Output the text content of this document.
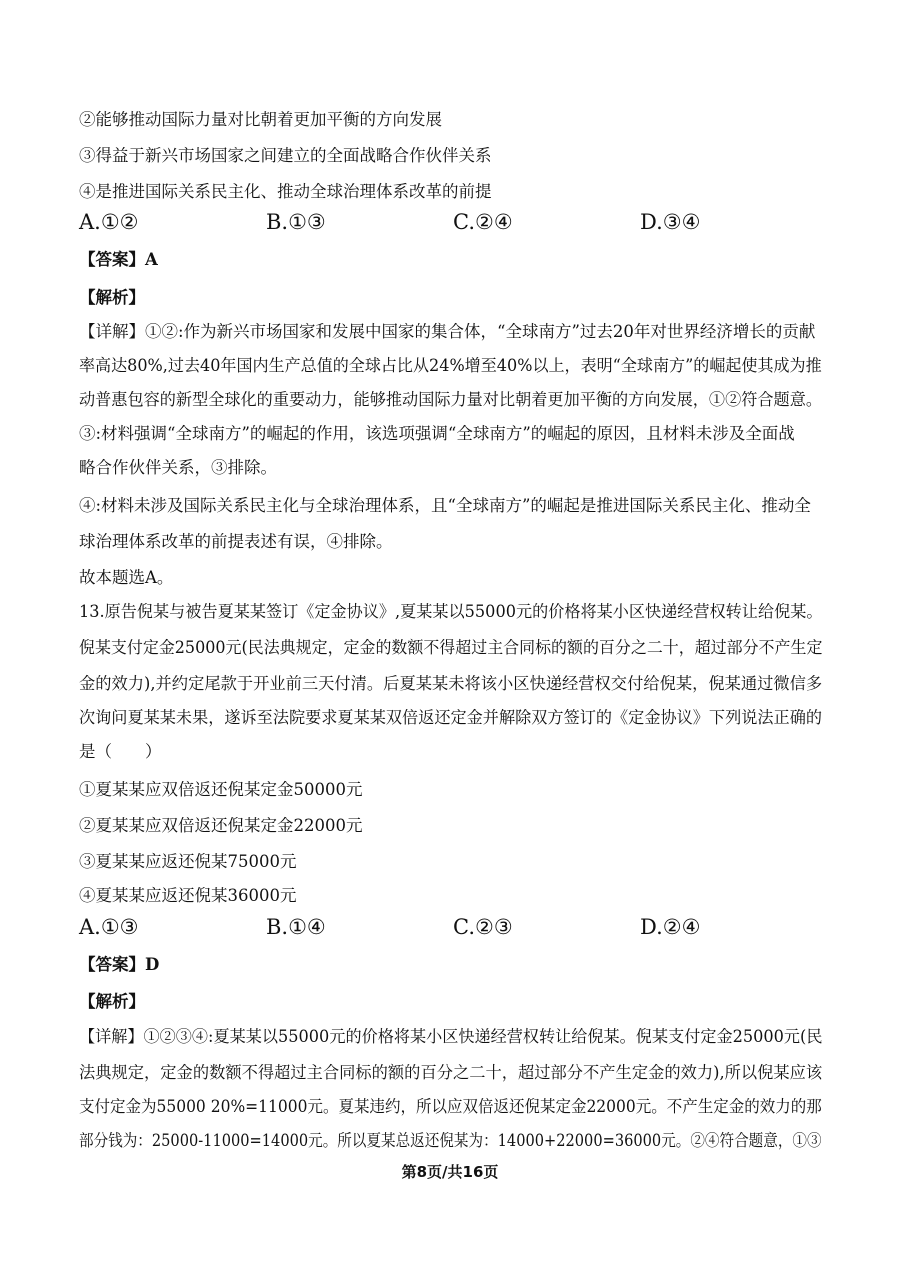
②能够推动国际力量对比朝着更加平衡的方向发展
③得益于新兴市场国家之间建立的全面战略合作伙伴关系
④是推进国际关系民主化、推动全球治理体系改革的前提
A.①②	B.①③	C.②④	D.③④
【答案】A
【解析】
【详解】①②:作为新兴市场国家和发展中国家的集合体，“全球南方”过去20年对世界经济增长的贡献
率高达80%,过去40年国内生产总值的全球占比从24%增至40%以上，表明“全球南方”的崛起使其成为推
动普惠包容的新型全球化的重要动力，能够推动国际力量对比朝着更加平衡的方向发展，①②符合题意。
③:材料强调“全球南方”的崛起的作用，该选项强调“全球南方”的崛起的原因，且材料未涉及全面战
略合作伙伴关系，③排除。
④:材料未涉及国际关系民主化与全球治理体系，且“全球南方”的崛起是推进国际关系民主化、推动全
球治理体系改革的前提表述有误，④排除。
故本题选A。
13.原告倪某与被告夏某某签订《定金协议》,夏某某以55000元的价格将某小区快递经营权转让给倪某。
倪某支付定金25000元(民法典规定，定金的数额不得超过主合同标的额的百分之二十，超过部分不产生定
金的效力),并约定尾款于开业前三天付清。后夏某某未将该小区快递经营权交付给倪某，倪某通过微信多
次询问夏某某未果，遂诉至法院要求夏某某双倍返还定金并解除双方签订的《定金协议》下列说法正确的
是（　　）
①夏某某应双倍返还倪某定金50000元
②夏某某应双倍返还倪某定金22000元
③夏某某应返还倪某75000元
④夏某某应返还倪某36000元
A.①③	B.①④	C.②③	D.②④
【答案】D
【解析】
【详解】①②③④:夏某某以55000元的价格将某小区快递经营权转让给倪某。倪某支付定金25000元(民
法典规定，定金的数额不得超过主合同标的额的百分之二十，超过部分不产生定金的效力),所以倪某应该
支付定金为55000 20%=11000元。夏某违约，所以应双倍返还倪某定金22000元。不产生定金的效力的那
部分钱为：25000-11000=14000元。所以夏某总返还倪某为：14000+22000=36000元。②④符合题意，①③
第8页/共16页
